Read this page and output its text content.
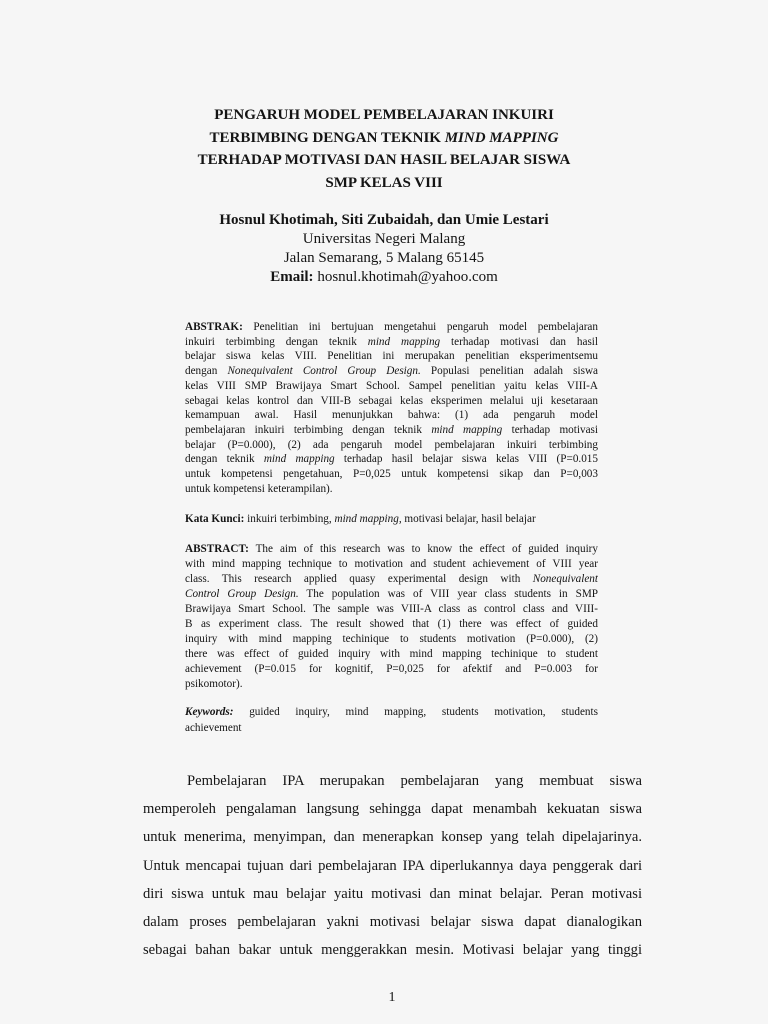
PENGARUH MODEL PEMBELAJARAN INKUIRI
TERBIMBING DENGAN TEKNIK MIND MAPPING
TERHADAP MOTIVASI DAN HASIL BELAJAR SISWA
SMP KELAS VIII
Hosnul Khotimah, Siti Zubaidah, dan Umie Lestari
Universitas Negeri Malang
Jalan Semarang, 5 Malang 65145
Email: hosnul.khotimah@yahoo.com
ABSTRAK: Penelitian ini bertujuan mengetahui pengaruh model pembelajaran
inkuiri terbimbing dengan teknik mind mapping terhadap motivasi dan hasil
belajar siswa kelas VIII. Penelitian ini merupakan penelitian eksperimentsemu
dengan Nonequivalent Control Group Design. Populasi penelitian adalah siswa
kelas VIII SMP Brawijaya Smart School. Sampel penelitian yaitu kelas VIII-A
sebagai kelas kontrol dan VIII-B sebagai kelas eksperimen melalui uji kesetaraan
kemampuan awal. Hasil menunjukkan bahwa: (1) ada pengaruh model
pembelajaran inkuiri terbimbing dengan teknik mind mapping terhadap motivasi
belajar (P=0.000), (2) ada pengaruh model pembelajaran inkuiri terbimbing
dengan teknik mind mapping terhadap hasil belajar siswa kelas VIII (P=0.015
untuk kompetensi pengetahuan, P=0,025 untuk kompetensi sikap dan P=0,003
untuk kompetensi keterampilan).
Kata Kunci: inkuiri terbimbing, mind mapping, motivasi belajar, hasil belajar
ABSTRACT: The aim of this research was to know the effect of guided inquiry
with mind mapping technique to motivation and student achievement of VIII year
class. This research applied quasy experimental design with Nonequivalent
Control Group Design. The population was of VIII year class students in SMP
Brawijaya Smart School. The sample was VIII-A class as control class and VIII-
B as experiment class. The result showed that (1) there was effect of guided
inquiry with mind mapping techinique to students motivation (P=0.000), (2)
there was effect of guided inquiry with mind mapping techinique to student
achievement (P=0.015 for kognitif, P=0,025 for afektif and P=0.003 for
psikomotor).
Keywords: guided inquiry, mind mapping, students motivation, students
achievement
Pembelajaran IPA merupakan pembelajaran yang membuat siswa
memperoleh pengalaman langsung sehingga dapat menambah kekuatan siswa
untuk menerima, menyimpan, dan menerapkan konsep yang telah dipelajarinya.
Untuk mencapai tujuan dari pembelajaran IPA diperlukannya daya penggerak dari
diri siswa untuk mau belajar yaitu motivasi dan minat belajar. Peran motivasi
dalam proses pembelajaran yakni motivasi belajar siswa dapat dianalogikan
sebagai bahan bakar untuk menggerakkan mesin. Motivasi belajar yang tinggi
1
